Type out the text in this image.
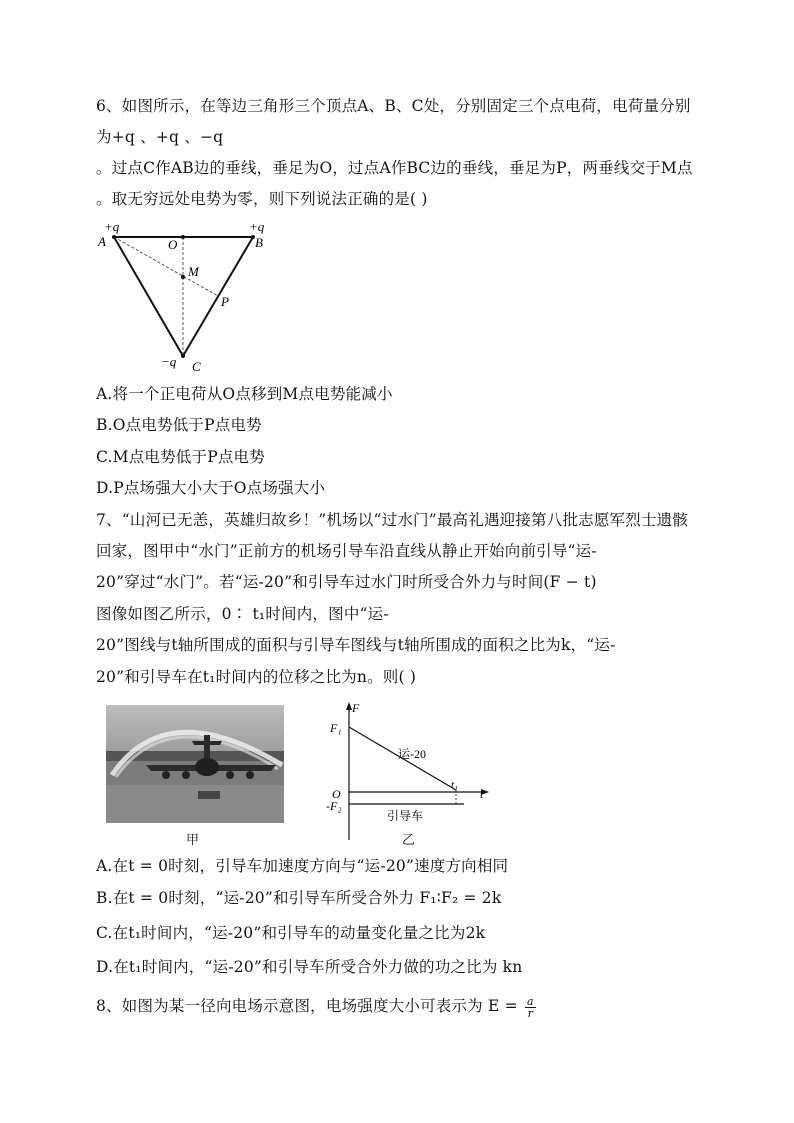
6、如图所示，在等边三角形三个顶点A、B、C处，分别固定三个点电荷，电荷量分别
为+q 、+q 、−q
。过点C作AB边的垂线，垂足为O，过点A作BC边的垂线，垂足为P，两垂线交于M点
。取无穷远处电势为零，则下列说法正确的是( )
+q	+q
−q
A	B
C
O
M
P
A.将一个正电荷从O点移到M点电势能减小
B.O点电势低于P点电势
C.M点电势低于P点电势
D.P点场强大小大于O点场强大小
7、“山河已无恙，英雄归故乡！”机场以“过水门”最高礼遇迎接第八批志愿军烈士遗骸
回家，图甲中“水门”正前方的机场引导车沿直线从静止开始向前引导“运-
20”穿过“水门”。若“运-20”和引导车过水门时所受合外力与时间(F − t)
图像如图乙所示，0∶ t₁时间内，图中“运-
20”图线与t轴所围成的面积与引导车图线与t轴所围成的面积之比为k，“运-
20”和引导车在t₁时间内的位移之比为n。则( )
甲
F
t
O
F₁
-F₂
t₁
运-20
引导车
乙
A.在t = 0时刻，引导车加速度方向与“运-20”速度方向相同
B.在t = 0时刻，“运-20”和引导车所受合外力 F₁∶F₂ = 2k
C.在t₁时间内，“运-20”和引导车的动量变化量之比为2k
D.在t₁时间内，“运-20”和引导车所受合外力做的功之比为 kn
8、如图为某一径向电场示意图，电场强度大小可表示为 $E = \frac{a}{r}$
